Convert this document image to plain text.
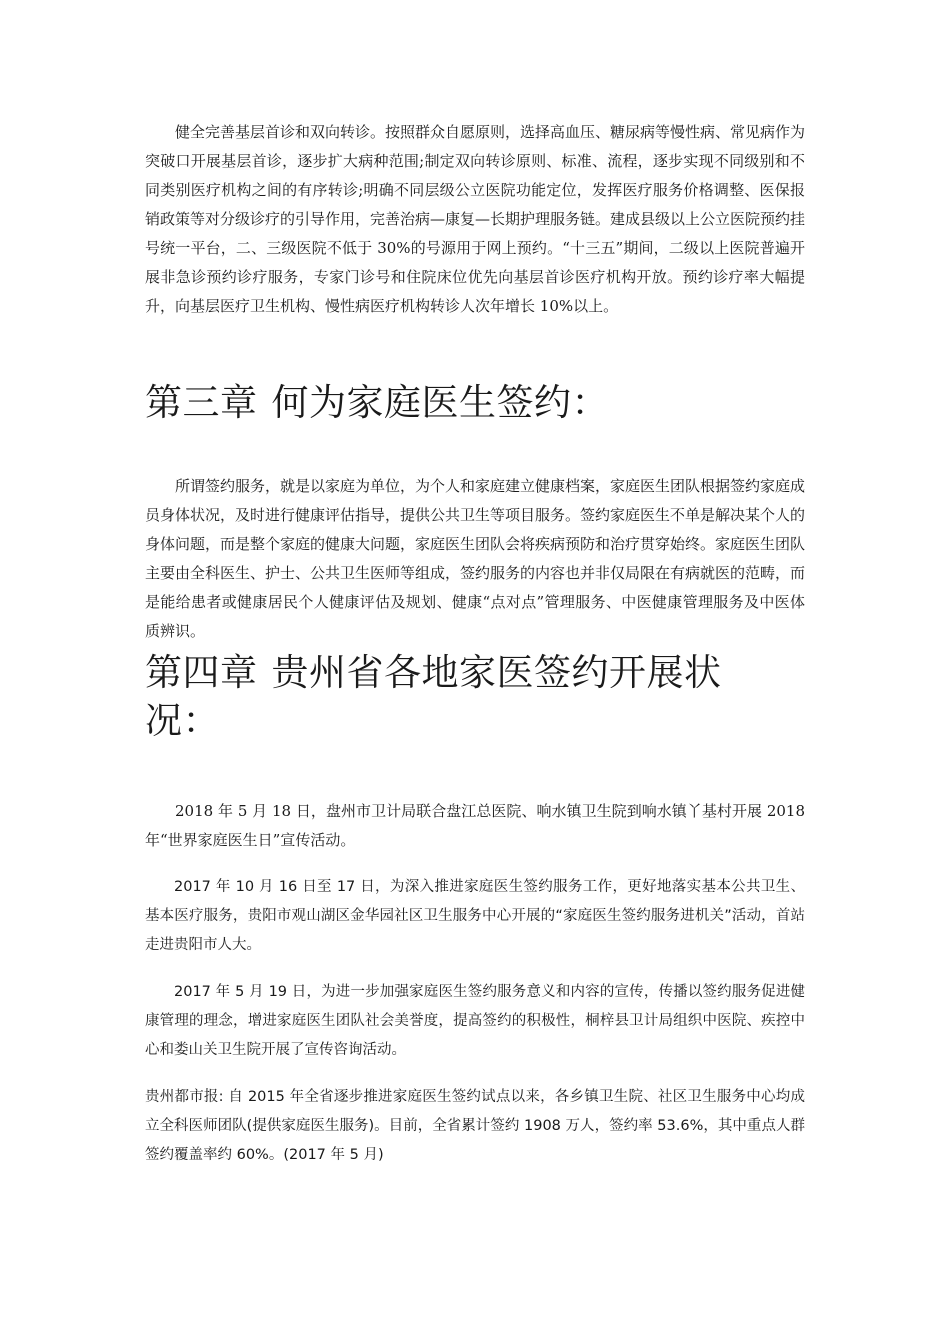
健全完善基层首诊和双向转诊。按照群众自愿原则，选择高血压、糖尿病等慢性病、常见病作为突破口开展基层首诊，逐步扩大病种范围;制定双向转诊原则、标准、流程，逐步实现不同级别和不同类别医疗机构之间的有序转诊;明确不同层级公立医院功能定位，发挥医疗服务价格调整、医保报销政策等对分级诊疗的引导作用，完善治病—康复—长期护理服务链。建成县级以上公立医院预约挂号统一平台，二、三级医院不低于 30%的号源用于网上预约。“十三五”期间，二级以上医院普遍开展非急诊预约诊疗服务，专家门诊号和住院床位优先向基层首诊医疗机构开放。预约诊疗率大幅提升，向基层医疗卫生机构、慢性病医疗机构转诊人次年增长 10%以上。

第三章 何为家庭医生签约：

所谓签约服务，就是以家庭为单位，为个人和家庭建立健康档案，家庭医生团队根据签约家庭成员身体状况，及时进行健康评估指导，提供公共卫生等项目服务。签约家庭医生不单是解决某个人的身体问题，而是整个家庭的健康大问题，家庭医生团队会将疾病预防和治疗贯穿始终。家庭医生团队主要由全科医生、护士、公共卫生医师等组成，签约服务的内容也并非仅局限在有病就医的范畴，而是能给患者或健康居民个人健康评估及规划、健康“点对点”管理服务、中医健康管理服务及中医体质辨识。

第四章 贵州省各地家医签约开展状况：

2018 年 5 月 18 日，盘州市卫计局联合盘江总医院、响水镇卫生院到响水镇丫基村开展 2018 年“世界家庭医生日”宣传活动。

2017 年 10 月 16 日至 17 日，为深入推进家庭医生签约服务工作，更好地落实基本公共卫生、基本医疗服务，贵阳市观山湖区金华园社区卫生服务中心开展的“家庭医生签约服务进机关”活动，首站走进贵阳市人大。

2017 年 5 月 19 日，为进一步加强家庭医生签约服务意义和内容的宣传，传播以签约服务促进健康管理的理念，增进家庭医生团队社会美誉度，提高签约的积极性，桐梓县卫计局组织中医院、疾控中心和娄山关卫生院开展了宣传咨询活动。

贵州都市报: 自 2015 年全省逐步推进家庭医生签约试点以来，各乡镇卫生院、社区卫生服务中心均成立全科医师团队(提供家庭医生服务)。目前，全省累计签约 1908 万人，签约率 53.6%，其中重点人群签约覆盖率约 60%。(2017 年 5 月)
